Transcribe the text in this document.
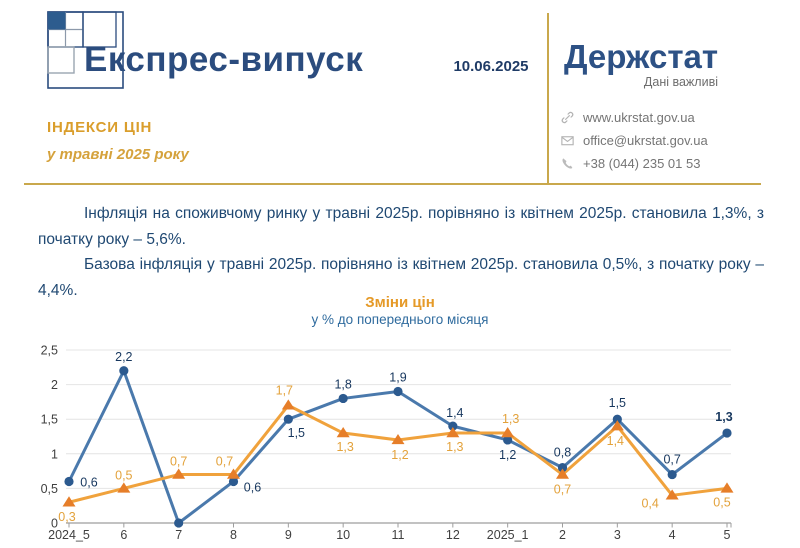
Експрес-випуск	10.06.2025 Держстат
Дані важливі
www.ukrstat.gov.ua
office@ukrstat.gov.ua
+38 (044) 235 01 53
ІНДЕКСИ ЦІН
у травні 2025 року

Інфляція на споживчому ринку у травні 2025р. порівняно із квітнем 2025р. становила 1,3%, з початку року – 5,6%.

Базова інфляція у травні 2025р. порівняно із квітнем 2025р. становила 0,5%, з початку року – 4,4%.

Зміни цін
у % до попереднього місяця
0
0,5
1
1,5
2
2,5
2024_5 6	7	8	9	10	11	12 2025_1 2	3	4	5
0,6
2,2
0,6
1,5
1,8	1,9
1,4
1,2	0,8
1,5
0,7
1,3
0,3
0,5
0,7 0,7
1,7
1,3
1,2
1,3
1,3
0,7
1,4
0,4	0,5
